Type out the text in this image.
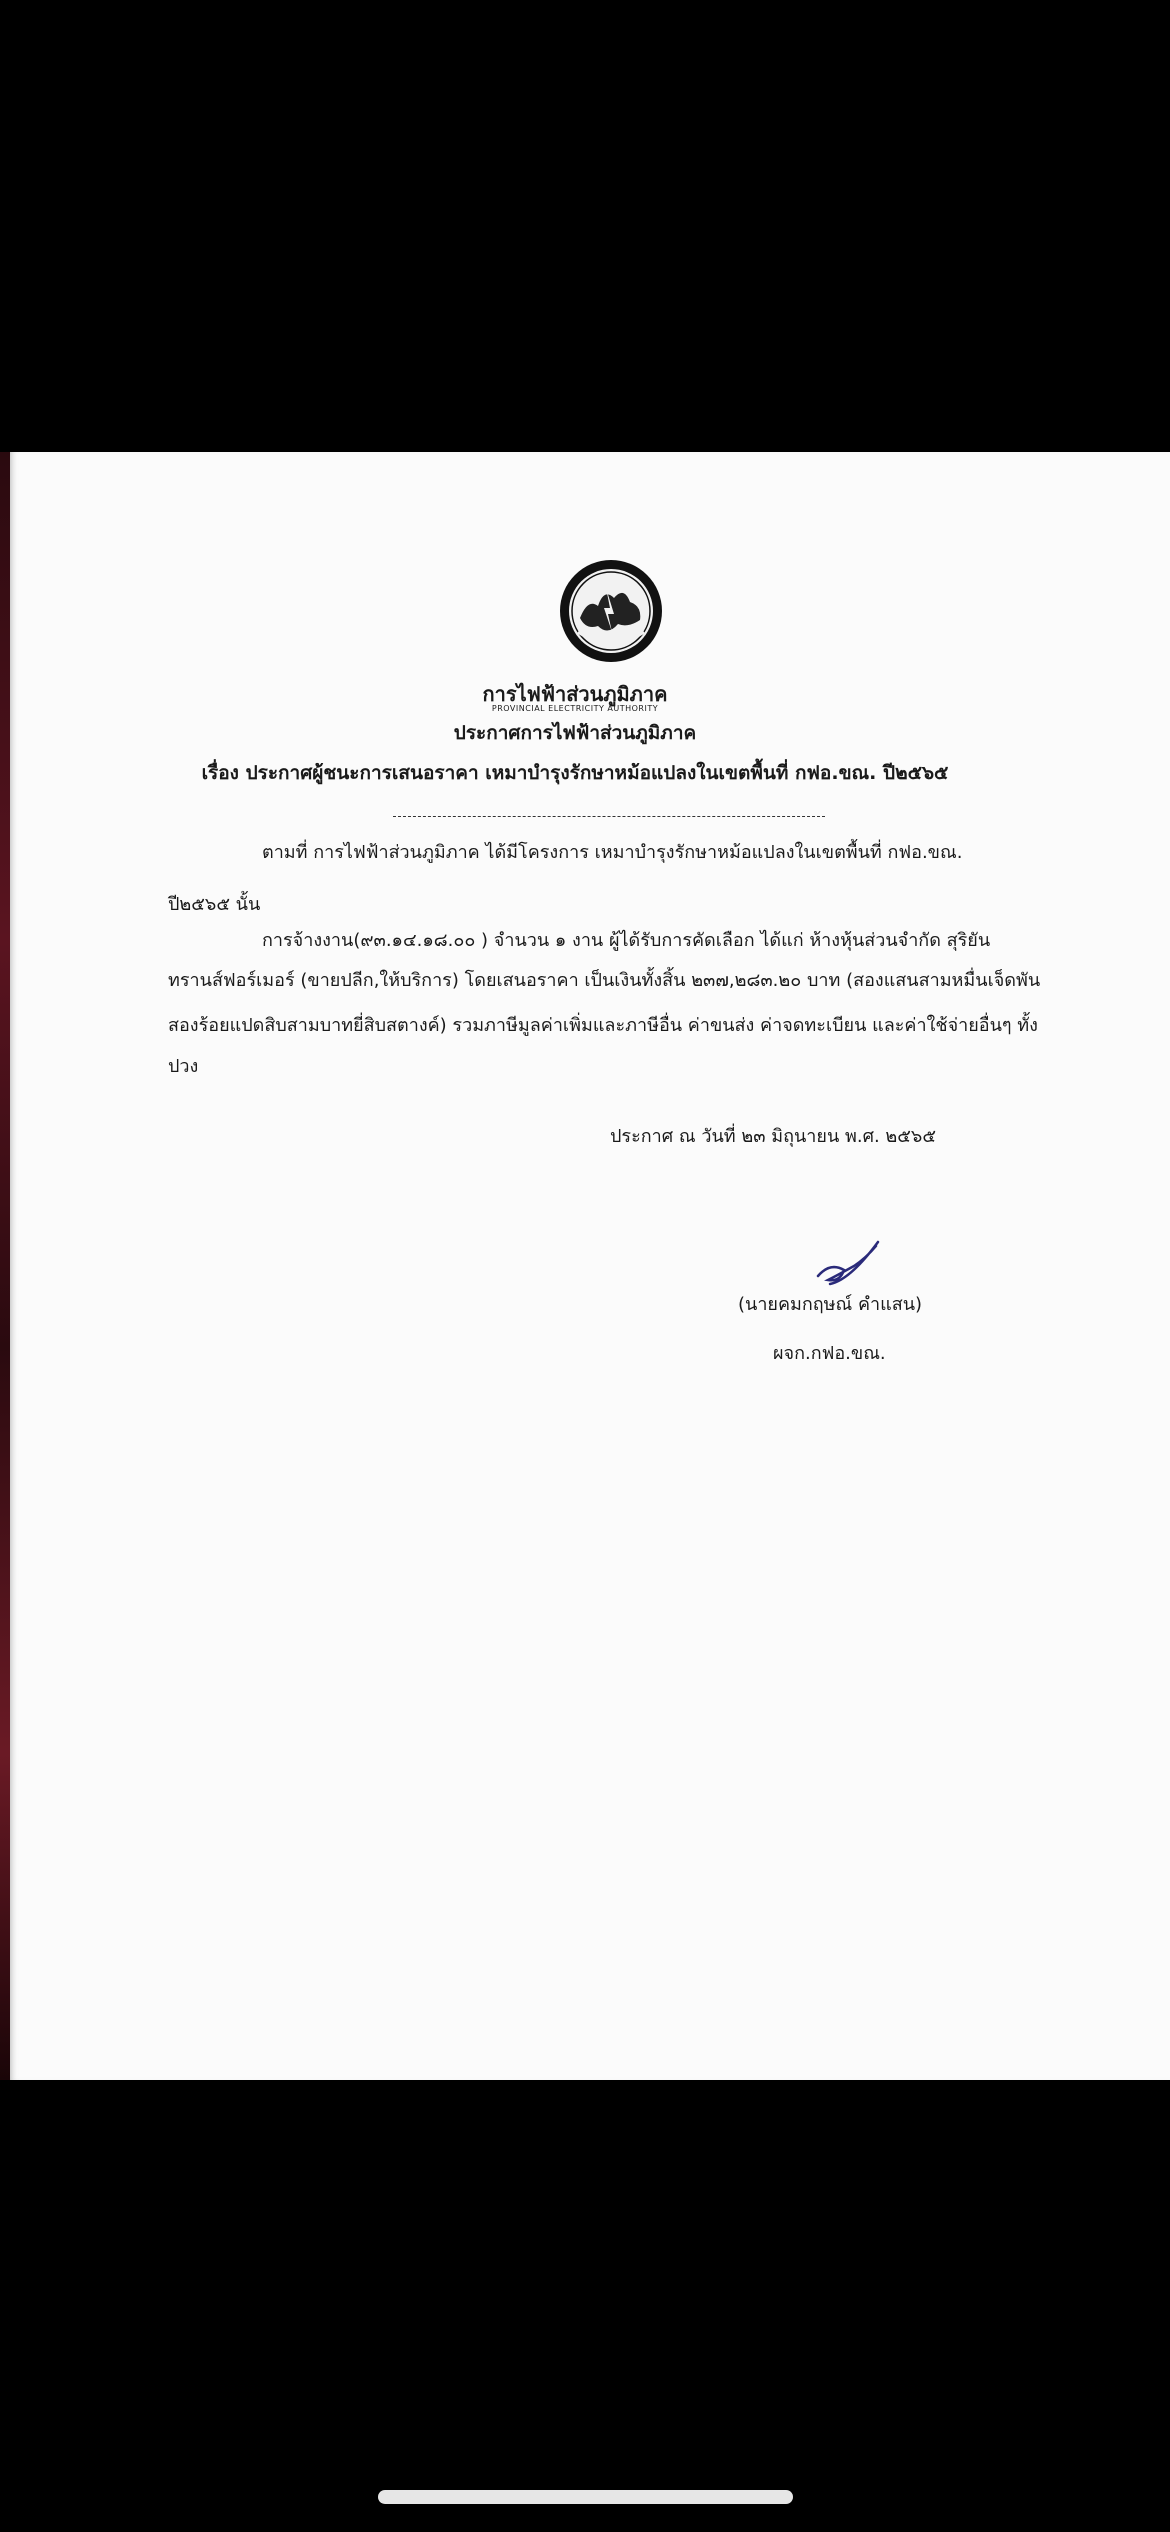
การไฟฟ้าส่วนภูมิภาค
PROVINCIAL ELECTRICITY AUTHORITY
ประกาศการไฟฟ้าส่วนภูมิภาค
เรื่อง ประกาศผู้ชนะการเสนอราคา เหมาบำรุงรักษาหม้อแปลงในเขตพื้นที่ กฟอ.ขณ. ปี๒๕๖๕
ตามที่ การไฟฟ้าส่วนภูมิภาค ได้มีโครงการ เหมาบำรุงรักษาหม้อแปลงในเขตพื้นที่ กฟอ.ขณ.
ปี๒๕๖๕ นั้น
การจ้างงาน(๙๓.๑๔.๑๘.๐๐ ) จำนวน ๑ งาน ผู้ได้รับการคัดเลือก ได้แก่ ห้างหุ้นส่วนจำกัด สุริยัน
ทรานส์ฟอร์เมอร์ (ขายปลีก,ให้บริการ) โดยเสนอราคา เป็นเงินทั้งสิ้น ๒๓๗,๒๘๓.๒๐ บาท (สองแสนสามหมื่นเจ็ดพัน
สองร้อยแปดสิบสามบาทยี่สิบสตางค์) รวมภาษีมูลค่าเพิ่มและภาษีอื่น ค่าขนส่ง ค่าจดทะเบียน และค่าใช้จ่ายอื่นๆ ทั้ง
ปวง
ประกาศ ณ วันที่ ๒๓ มิถุนายน พ.ศ. ๒๕๖๕
(นายคมกฤษณ์ คำแสน)
ผจก.กฟอ.ขณ.
